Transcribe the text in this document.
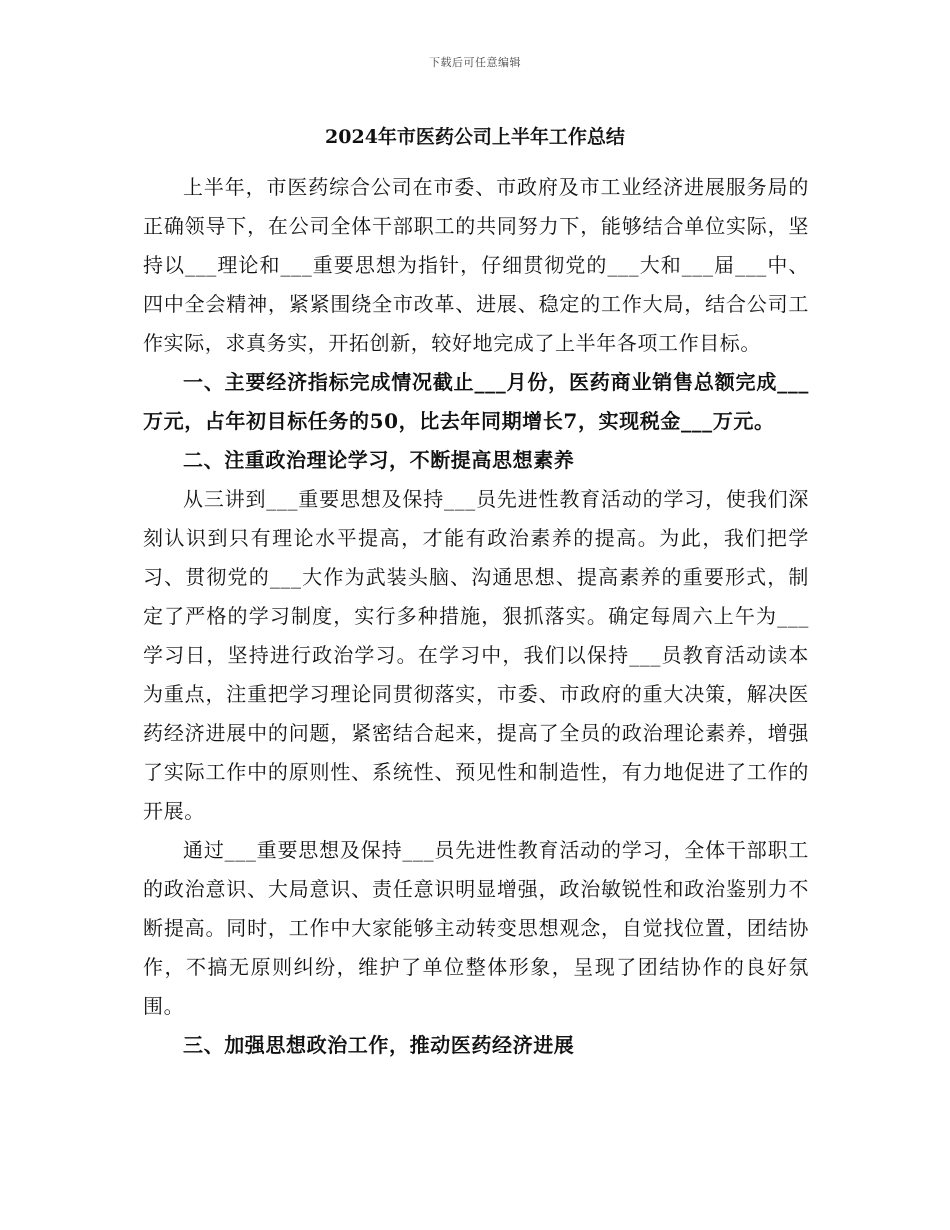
下载后可任意编辑
2024年市医药公司上半年工作总结

上半年，市医药综合公司在市委、市政府及市工业经济进展服务局的正确领导下，在公司全体干部职工的共同努力下，能够结合单位实际，坚持以___理论和___重要思想为指针，仔细贯彻党的___大和___届___中、四中全会精神，紧紧围绕全市改革、进展、稳定的工作大局，结合公司工作实际，求真务实，开拓创新，较好地完成了上半年各项工作目标。

一、主要经济指标完成情况截止___月份，医药商业销售总额完成___万元，占年初目标任务的50，比去年同期增长7，实现税金___万元。

二、注重政治理论学习，不断提高思想素养

从三讲到___重要思想及保持___员先进性教育活动的学习，使我们深刻认识到只有理论水平提高，才能有政治素养的提高。为此，我们把学习、贯彻党的___大作为武装头脑、沟通思想、提高素养的重要形式，制定了严格的学习制度，实行多种措施，狠抓落实。确定每周六上午为___学习日，坚持进行政治学习。在学习中，我们以保持___员教育活动读本为重点，注重把学习理论同贯彻落实，市委、市政府的重大决策，解决医药经济进展中的问题，紧密结合起来，提高了全员的政治理论素养，增强了实际工作中的原则性、系统性、预见性和制造性，有力地促进了工作的开展。

通过___重要思想及保持___员先进性教育活动的学习，全体干部职工的政治意识、大局意识、责任意识明显增强，政治敏锐性和政治鉴别力不断提高。同时，工作中大家能够主动转变思想观念，自觉找位置，团结协作，不搞无原则纠纷，维护了单位整体形象，呈现了团结协作的良好氛围。

三、加强思想政治工作，推动医药经济进展
